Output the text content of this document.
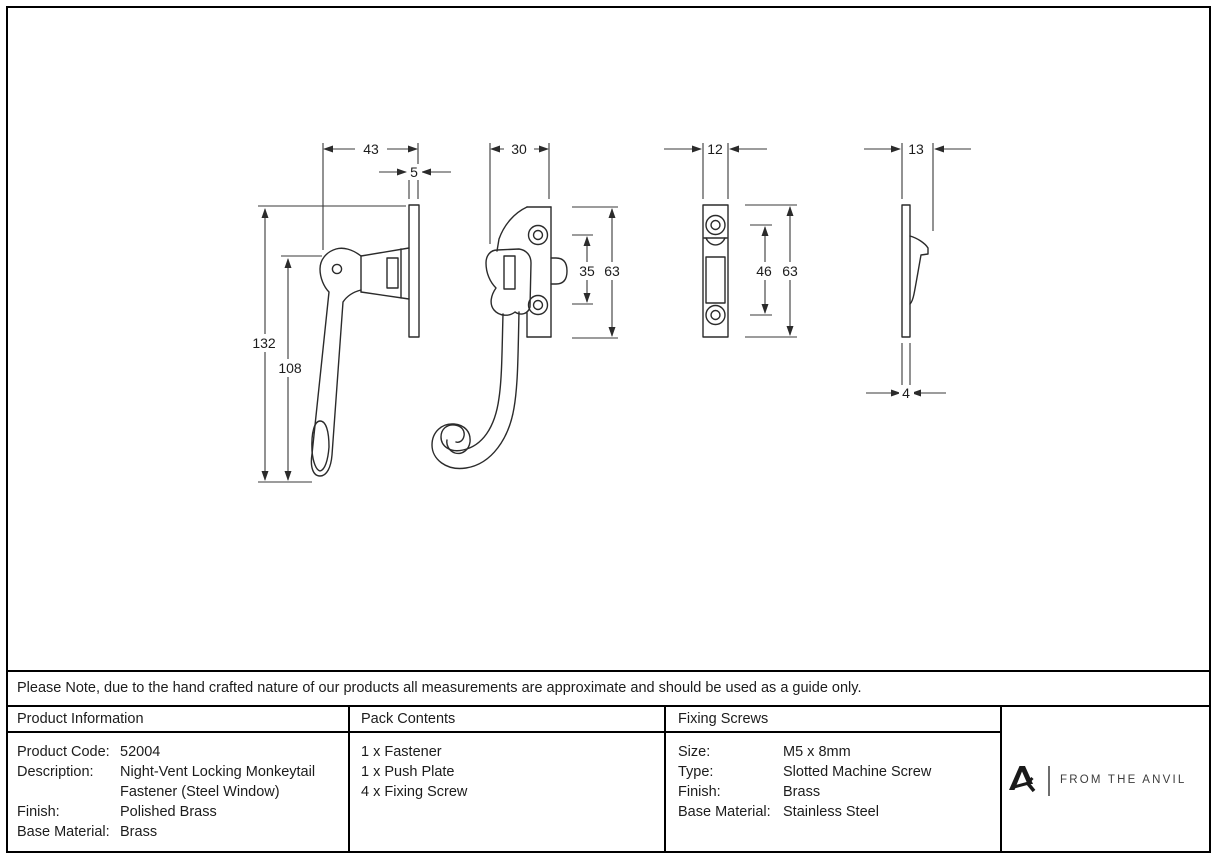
43
5
132
108
30
35 63
12
46 63
13
4
Please Note, due to the hand crafted nature of our products all measurements are approximate and should be used as a guide only.
Product Information	Pack Contents	Fixing Screws
Product Code: 52004
Description: Night-Vent Locking Monkeytail Fastener (Steel Window)
Finish:	Polished Brass
Base Material: Brass
1 x Fastener
1 x Push Plate
4 x Fixing Screw
Size:	M5 x 8mm
Type:	Slotted Machine Screw
Finish:	Brass
Base Material: Stainless Steel
FROM THE ANVIL
